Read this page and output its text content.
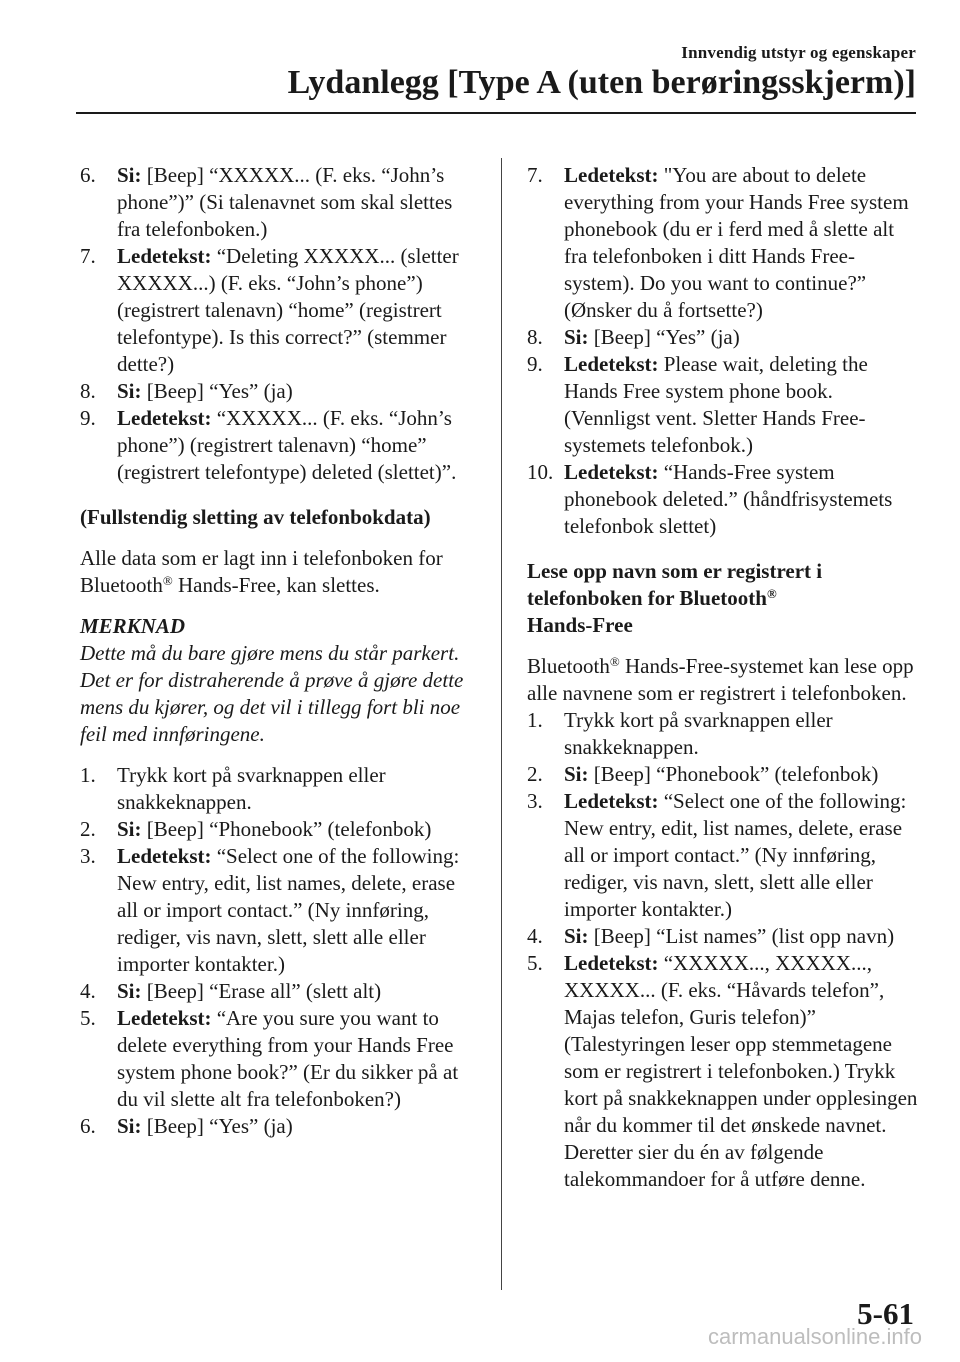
Innvendig utstyr og egenskaper
Lydanlegg [Type A (uten berøringsskjerm)]
6.	Si: [Beep] “XXXXX... (F. eks. “John’s phone”)” (Si talenavnet som skal slettes fra telefonboken.)
7.	Ledetekst: “Deleting XXXXX... (sletter XXXXX...) (F. eks. “John’s phone”) (registrert talenavn) “home” (registrert telefontype). Is this correct?” (stemmer dette?)
8.	Si: [Beep] “Yes” (ja)
9.	Ledetekst: “XXXXX... (F. eks. “John’s phone”) (registrert talenavn) “home” (registrert telefontype) deleted (slettet)”.
(Fullstendig sletting av telefonbokdata)
Alle data som er lagt inn i telefonboken for Bluetooth® Hands-Free, kan slettes.
MERKNAD
Dette må du bare gjøre mens du står parkert. Det er for distraherende å prøve å gjøre dette mens du kjører, og det vil i tillegg fort bli noe feil med innføringene.
1.	Trykk kort på svarknappen eller snakkeknappen.
2.	Si: [Beep] “Phonebook” (telefonbok)
3.	Ledetekst: “Select one of the following: New entry, edit, list names, delete, erase all or import contact.” (Ny innføring, rediger, vis navn, slett, slett alle eller importer kontakter.)
4.	Si: [Beep] “Erase all” (slett alt)
5.	Ledetekst: “Are you sure you want to delete everything from your Hands Free system phone book?” (Er du sikker på at du vil slette alt fra telefonboken?)
6.	Si: [Beep] “Yes” (ja)
7.	Ledetekst: "You are about to delete everything from your Hands Free system phonebook (du er i ferd med å slette alt fra telefonboken i ditt Hands Free-system). Do you want to continue?” (Ønsker du å fortsette?)
8.	Si: [Beep] “Yes” (ja)
9.	Ledetekst: Please wait, deleting the Hands Free system phone book. (Vennligst vent. Sletter Hands Free-systemets telefonbok.)
10. Ledetekst: “Hands-Free system phonebook deleted.” (håndfrisystemets telefonbok slettet)
Lese opp navn som er registrert i telefonboken for Bluetooth®
Hands-Free
Bluetooth® Hands-Free-systemet kan lese opp alle navnene som er registrert i telefonboken.
1.	Trykk kort på svarknappen eller snakkeknappen.
2.	Si: [Beep] “Phonebook” (telefonbok)
3.	Ledetekst: “Select one of the following: New entry, edit, list names, delete, erase all or import contact.” (Ny innføring, rediger, vis navn, slett, slett alle eller importer kontakter.)
4.	Si: [Beep] “List names” (list opp navn)
5.	Ledetekst: “XXXXX..., XXXXX..., XXXXX... (F. eks. “Håvards telefon”, Majas telefon, Guris telefon)” (Talestyringen leser opp stemmetagene som er registrert i telefonboken.) Trykk kort på snakkeknappen under opplesingen når du kommer til det ønskede navnet. Deretter sier du én av følgende talekommandoer for å utføre denne.
5-61
carmanualsonline.info
